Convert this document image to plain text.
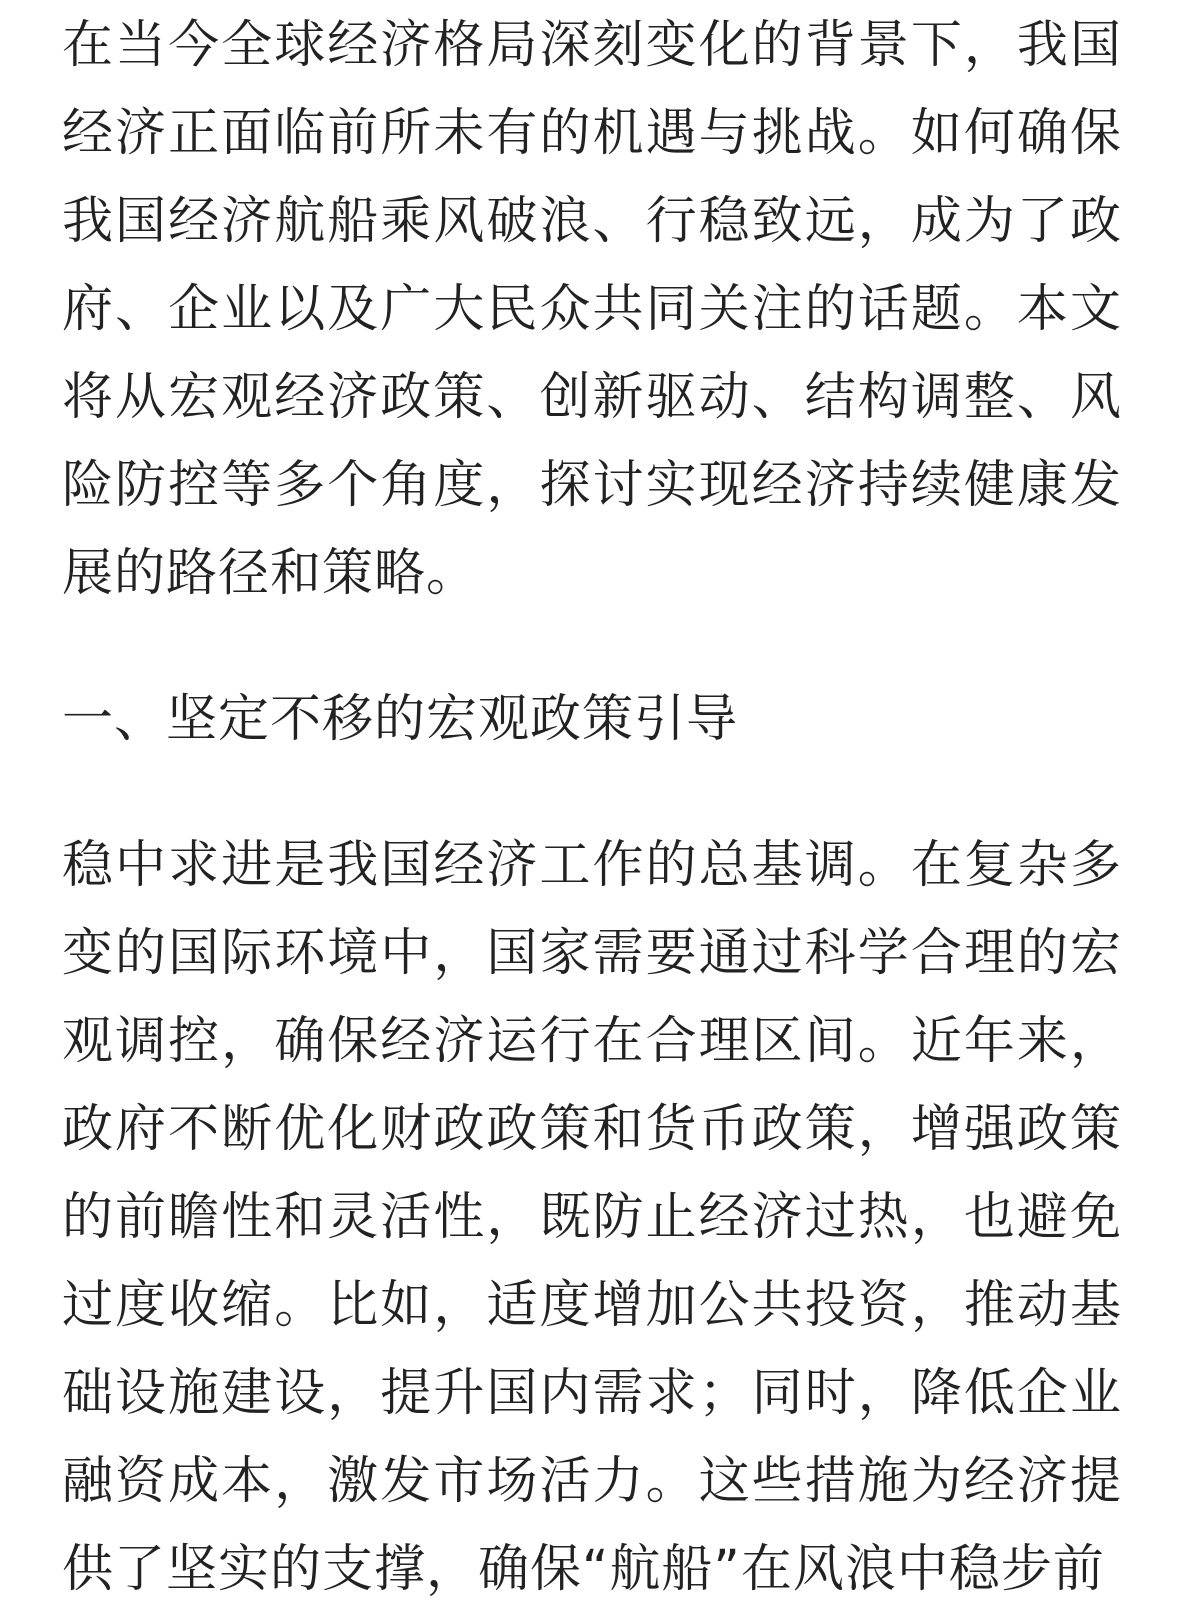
在当今全球经济格局深刻变化的背景下，我国经济正面临前所未有的机遇与挑战。如何确保我国经济航船乘风破浪、行稳致远，成为了政府、企业以及广大民众共同关注的话题。本文将从宏观经济政策、创新驱动、结构调整、风险防控等多个角度，探讨实现经济持续健康发展的路径和策略。

一、坚定不移的宏观政策引导

稳中求进是我国经济工作的总基调。在复杂多变的国际环境中，国家需要通过科学合理的宏观调控，确保经济运行在合理区间。近年来，政府不断优化财政政策和货币政策，增强政策的前瞻性和灵活性，既防止经济过热，也避免过度收缩。比如，适度增加公共投资，推动基础设施建设，提升国内需求；同时，降低企业融资成本，激发市场活力。这些措施为经济提供了坚实的支撑，确保“航船”在风浪中稳步前
